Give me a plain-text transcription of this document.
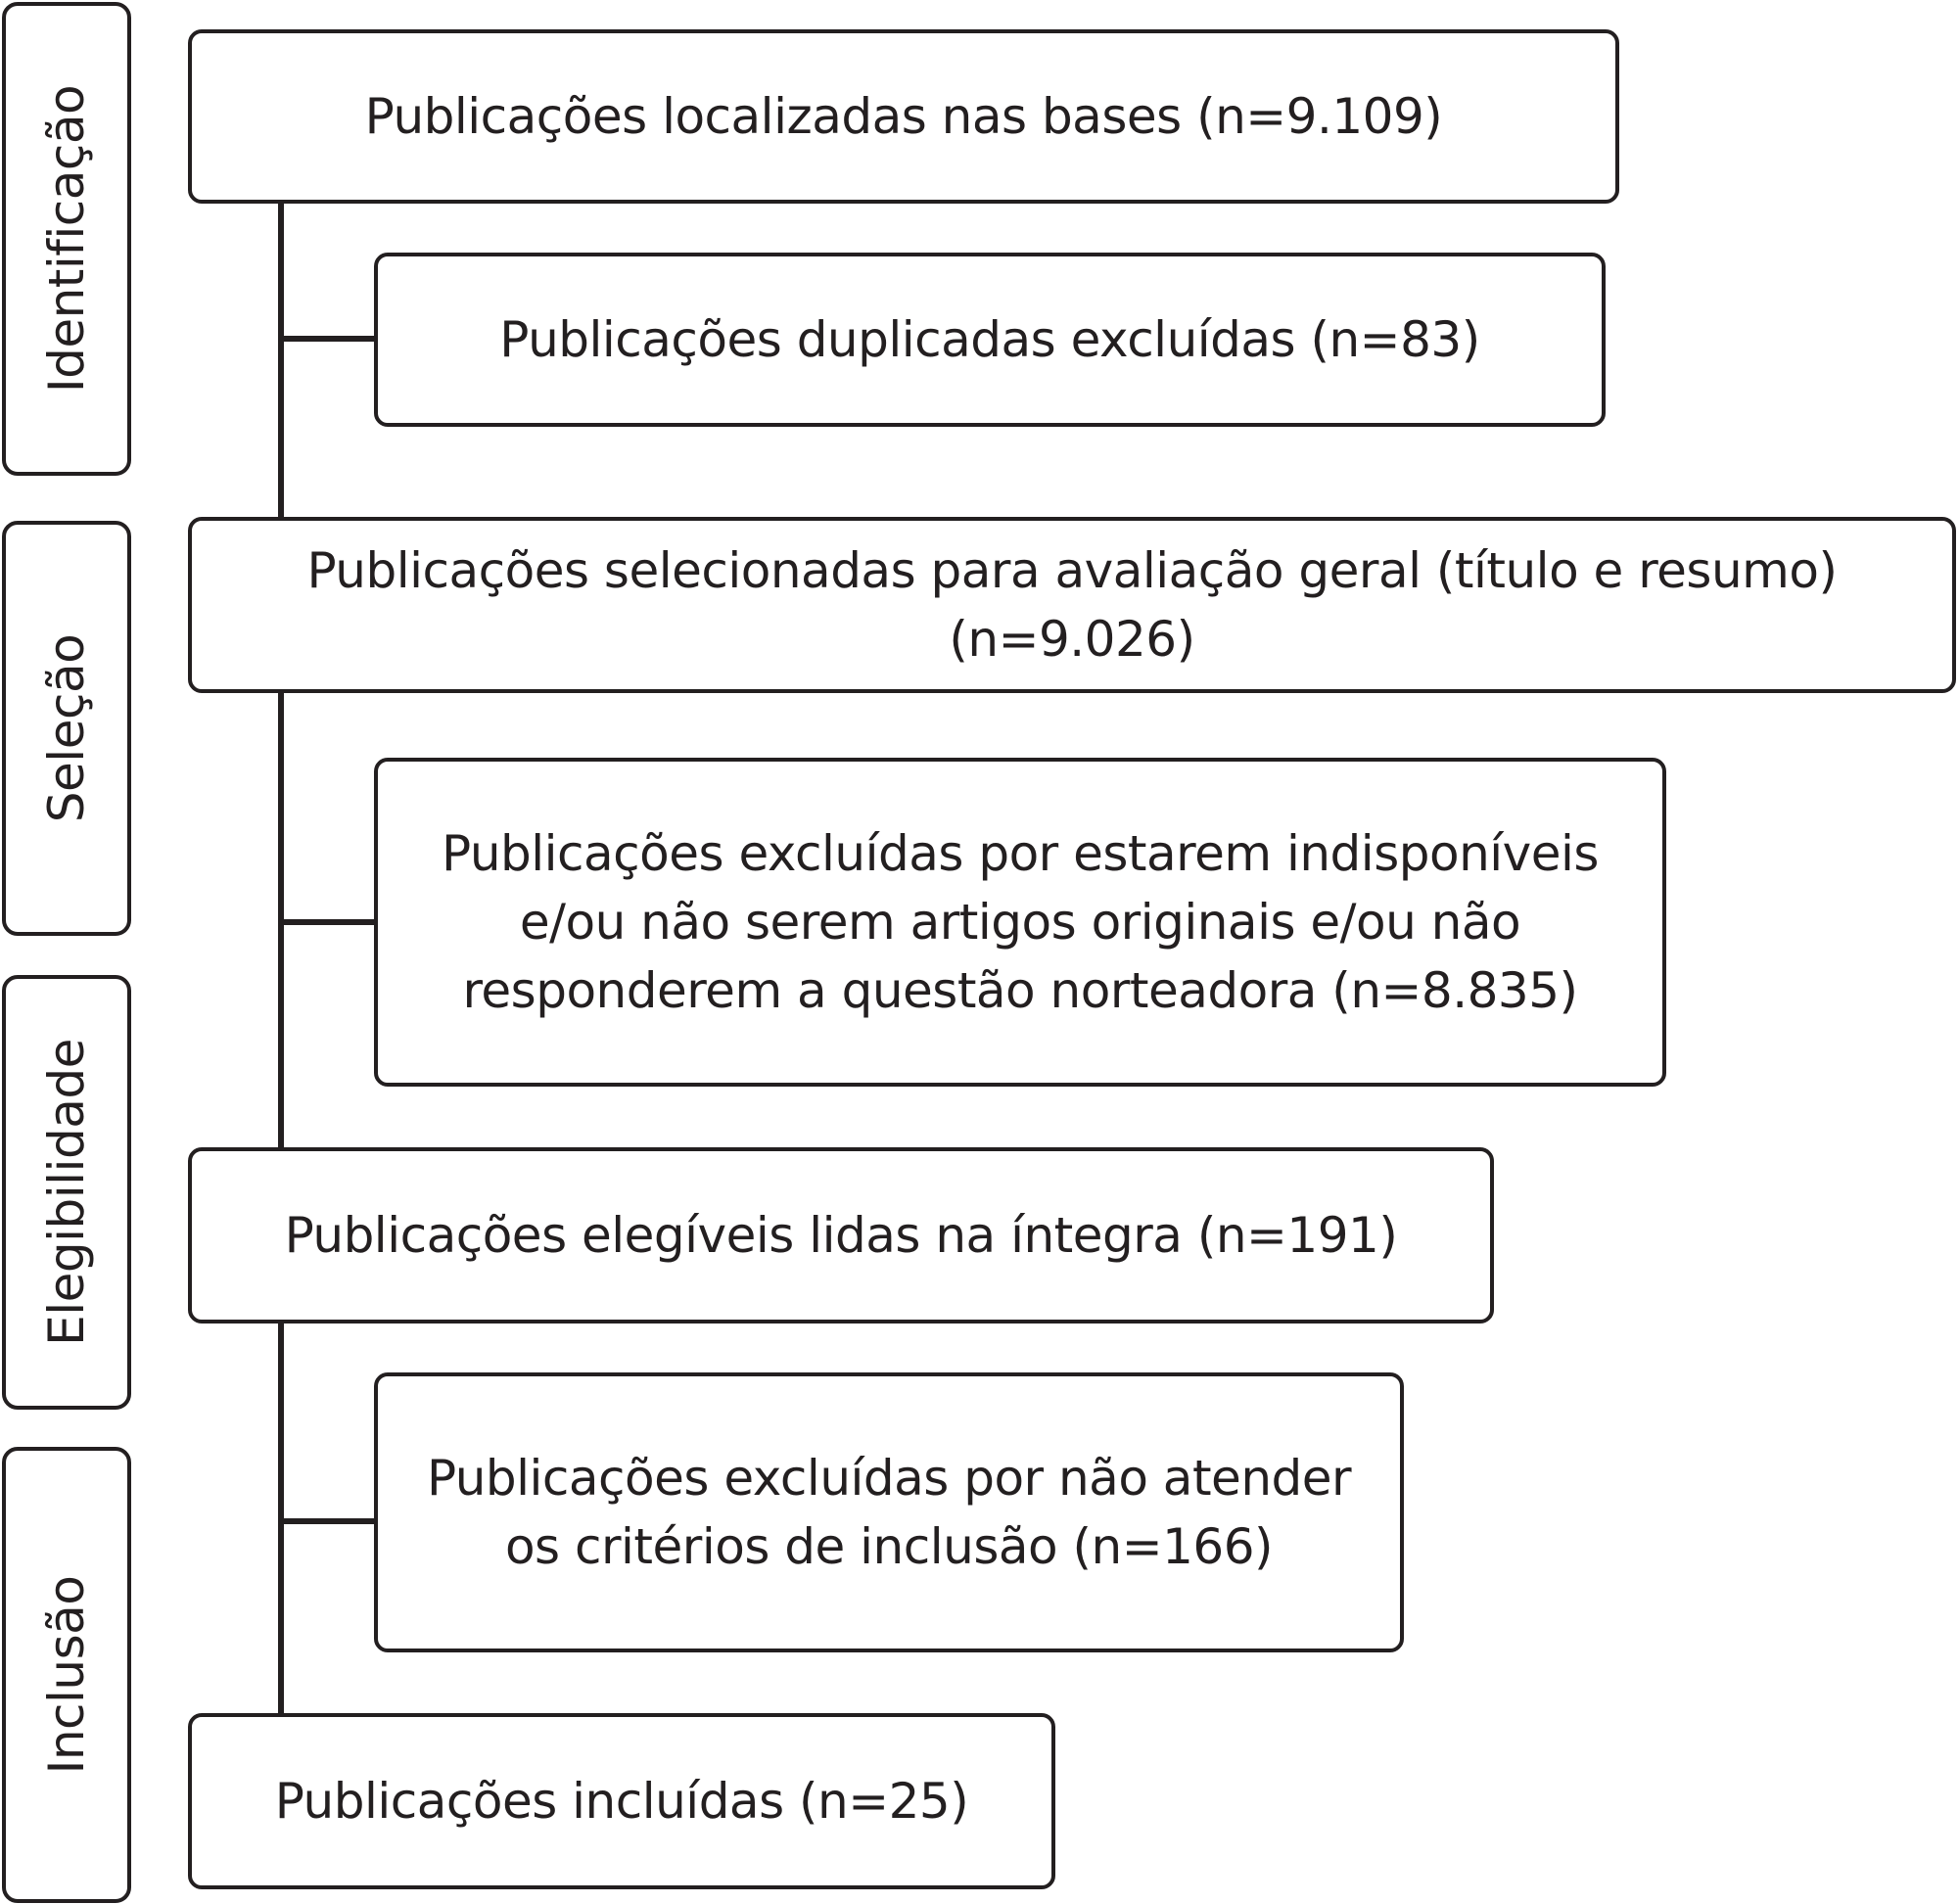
Identificação
Seleção
Elegibilidade
Inclusão
Publicações localizadas nas bases (n=9.109)
Publicações duplicadas excluídas (n=83)
Publicações selecionadas para avaliação geral (título e resumo) (n=9.026)
Publicações excluídas por estarem indisponíveis
e/ou não serem artigos originais e/ou não
responderem a questão norteadora (n=8.835)
Publicações elegíveis lidas na íntegra (n=191)
Publicações excluídas por não atender
os critérios de inclusão (n=166)
Publicações incluídas (n=25)
